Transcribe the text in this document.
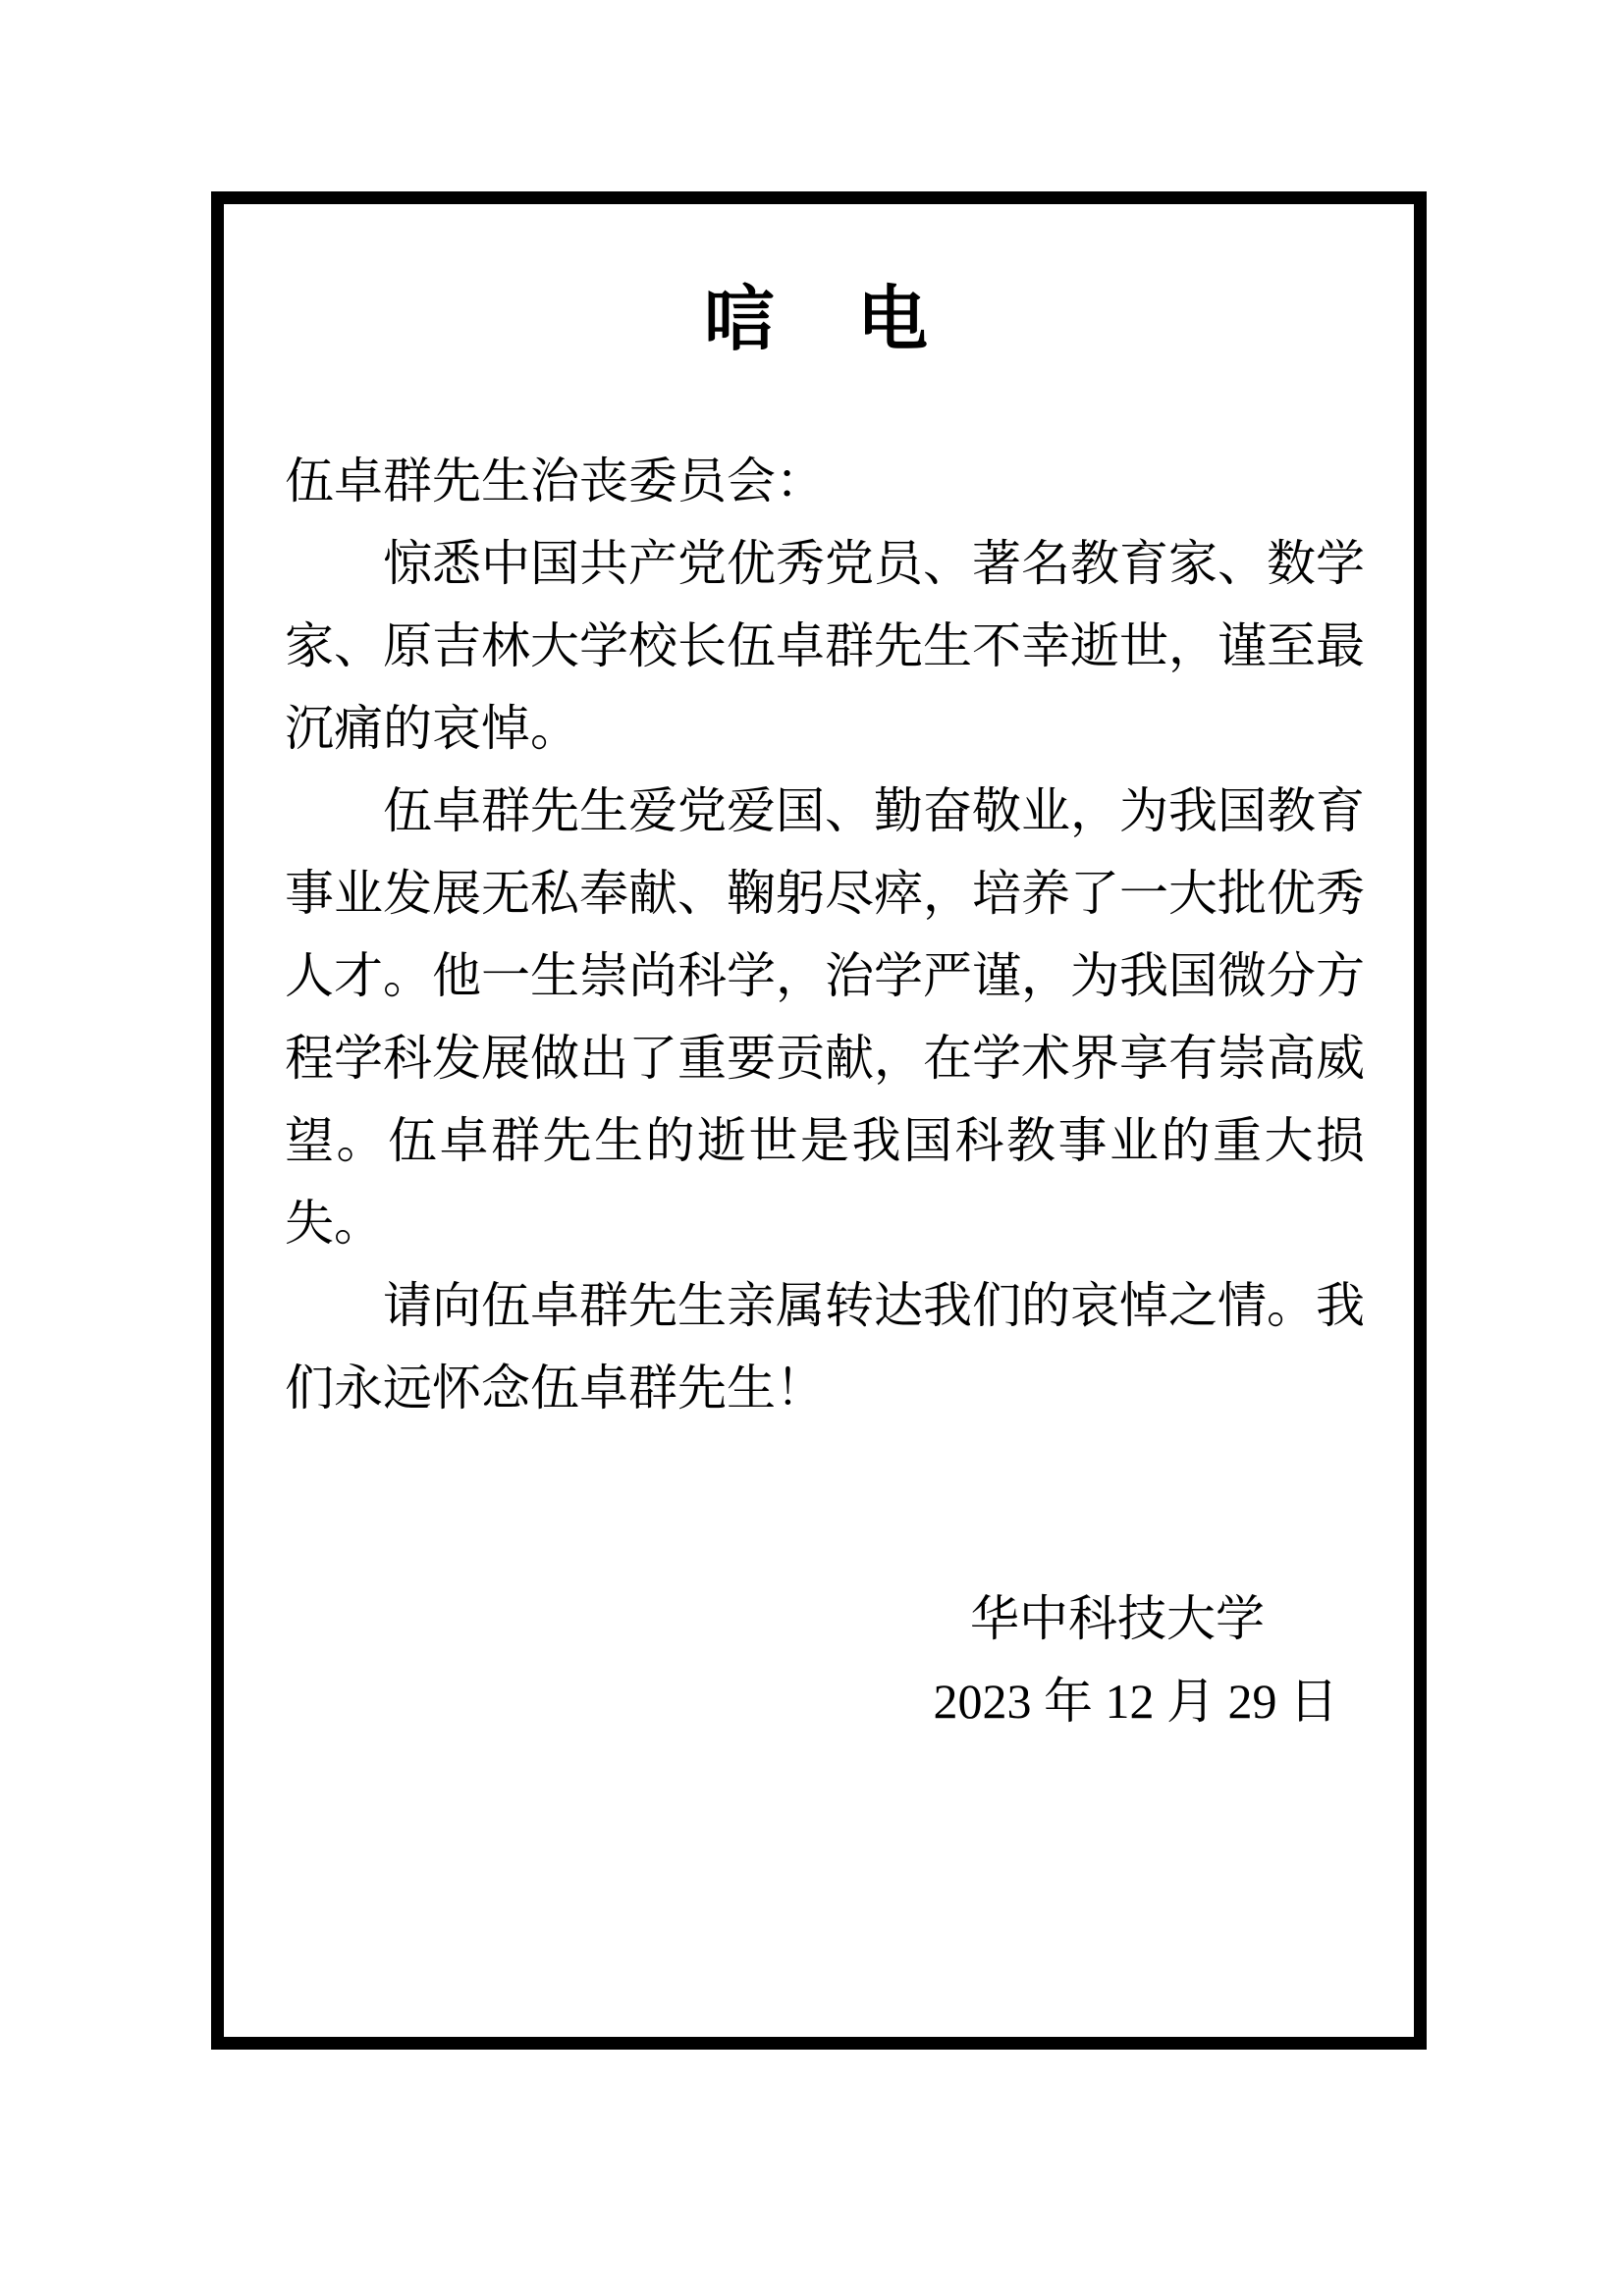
唁　电
伍卓群先生治丧委员会：
惊悉中国共产党优秀党员、著名教育家、数学
家、原吉林大学校长伍卓群先生不幸逝世，谨至最
沉痛的哀悼。
伍卓群先生爱党爱国、勤奋敬业，为我国教育
事业发展无私奉献、鞠躬尽瘁，培养了一大批优秀
人才。他一生崇尚科学，治学严谨，为我国微分方
程学科发展做出了重要贡献，在学术界享有崇高威
望。伍卓群先生的逝世是我国科教事业的重大损
失。
请向伍卓群先生亲属转达我们的哀悼之情。我
们永远怀念伍卓群先生！
华中科技大学
2023 年 12 月 29 日
